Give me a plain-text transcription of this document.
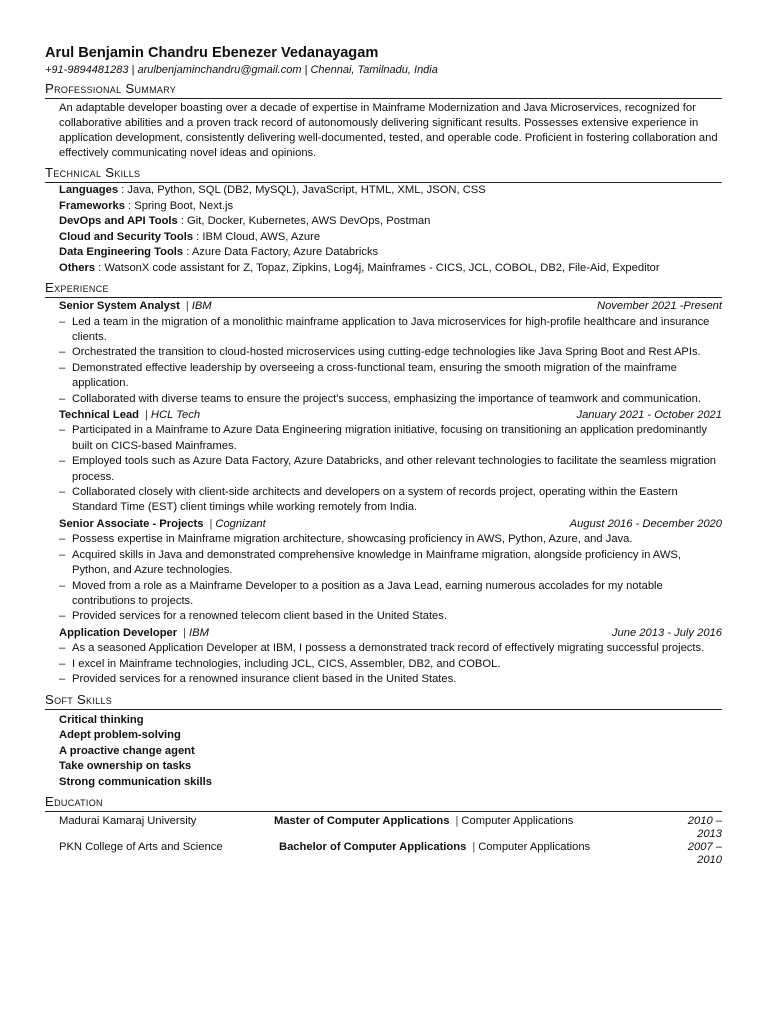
Arul Benjamin Chandru Ebenezer Vedanayagam
+91-9894481283 | arulbenjaminchandru@gmail.com | Chennai, Tamilnadu, India
Professional Summary
An adaptable developer boasting over a decade of expertise in Mainframe Modernization and Java Microservices, recognized for collaborative abilities and a proven track record of autonomously delivering significant results. Possesses extensive experience in application development, consistently delivering well-documented, tested, and operable code. Proficient in fostering collaboration and effectively communicating novel ideas and opinions.
Technical Skills
Languages : Java, Python, SQL (DB2, MySQL), JavaScript, HTML, XML, JSON, CSS
Frameworks : Spring Boot, Next.js
DevOps and API Tools : Git, Docker, Kubernetes, AWS DevOps, Postman
Cloud and Security Tools : IBM Cloud, AWS, Azure
Data Engineering Tools : Azure Data Factory, Azure Databricks
Others : WatsonX code assistant for Z, Topaz, Zipkins, Log4j, Mainframes - CICS, JCL, COBOL, DB2, File-Aid, Expeditor
Experience
Senior System Analyst | IBM	November 2021 -Present
– Led a team in the migration of a monolithic mainframe application to Java microservices for high-profile healthcare and insurance clients.
– Orchestrated the transition to cloud-hosted microservices using cutting-edge technologies like Java Spring Boot and Rest APIs.
– Demonstrated effective leadership by overseeing a cross-functional team, ensuring the smooth migration of the mainframe application.
– Collaborated with diverse teams to ensure the project's success, emphasizing the importance of teamwork and communication.
Technical Lead | HCL Tech	January 2021 - October 2021
– Participated in a Mainframe to Azure Data Engineering migration initiative, focusing on transitioning an application predominantly built on CICS-based Mainframes.
– Employed tools such as Azure Data Factory, Azure Databricks, and other relevant technologies to facilitate the seamless migration process.
– Collaborated closely with client-side architects and developers on a system of records project, operating within the Eastern Standard Time (EST) client timings while working remotely from India.
Senior Associate - Projects | Cognizant	August 2016 - December 2020
– Possess expertise in Mainframe migration architecture, showcasing proficiency in AWS, Python, Azure, and Java.
– Acquired skills in Java and demonstrated comprehensive knowledge in Mainframe migration, alongside proficiency in AWS, Python, and Azure technologies.
– Moved from a role as a Mainframe Developer to a position as a Java Lead, earning numerous accolades for my notable contributions to projects.
– Provided services for a renowned telecom client based in the United States.
Application Developer | IBM	June 2013 - July 2016
– As a seasoned Application Developer at IBM, I possess a demonstrated track record of effectively migrating successful projects.
– I excel in Mainframe technologies, including JCL, CICS, Assembler, DB2, and COBOL.
– Provided services for a renowned insurance client based in the United States.
Soft Skills
Critical thinking
Adept problem-solving
A proactive change agent
Take ownership on tasks
Strong communication skills
Education
Madurai Kamaraj University	Master of Computer Applications | Computer Applications	2010 – 2013
PKN College of Arts and Science	Bachelor of Computer Applications | Computer Applications	2007 – 2010
